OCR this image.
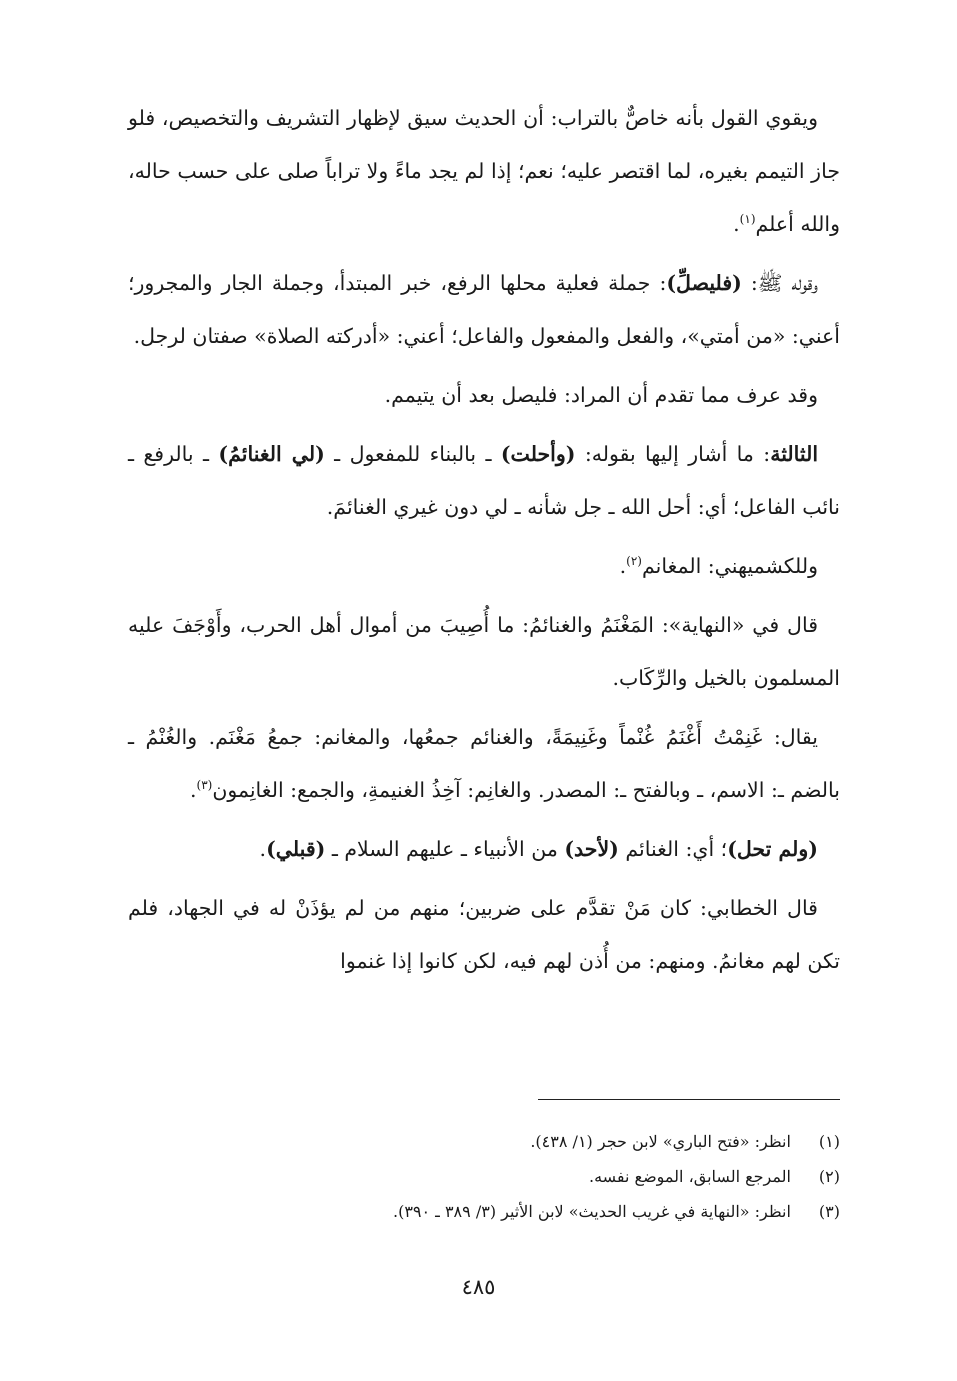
ويقوي القول بأنه خاصٌّ بالتراب: أن الحديث سيق لإظهار التشريف والتخصيص، فلو جاز التيمم بغيره، لما اقتصر عليه؛ نعم؛ إذا لم يجد ماءً ولا تراباً صلى على حسب حاله، والله أعلم$^{(١)}$.

وقوله ﷺ: (فليصلِّ): جملة فعلية محلها الرفع، خبر المبتدأ، وجملة الجار والمجرور؛ أعني: «من أمتي»، والفعل والمفعول والفاعل؛ أعني: «أدركته الصلاة» صفتان لرجل.

وقد عرف مما تقدم أن المراد: فليصل بعد أن يتيمم.

الثالثة: ما أشار إليها بقوله: (وأحلت) ـ بالبناء للمفعول ـ (لي الغنائمُ) ـ بالرفع ـ نائب الفاعل؛ أي: أحل الله ـ جل شأنه ـ لي دون غيري الغنائمَ.

وللكشميهني: المغانم$^{(٢)}$.

قال في «النهاية»: المَغْنَمُ والغنائمُ: ما أُصِيبَ من أموال أهل الحرب، وأَوْجَفَ عليه المسلمون بالخيل والرِّكَاب.

يقال: غَنِمْتُ أَغْنَمُ غُنْماً وغَنِيمَةً، والغنائم جمعُها، والمغانم: جمعُ مَغْنَم. والغُنْمُ ـ بالضم ـ: الاسم، ـ وبالفتح ـ: المصدر. والغانِم: آخِذُ الغنيمةِ، والجمع: الغانِمون$^{(٣)}$.

(ولم تحل)؛ أي: الغنائم (لأحد) من الأنبياء ـ عليهم السلام ـ (قبلي).

قال الخطابي: كان مَنْ تقدَّم على ضربين؛ منهم من لم يؤذَنْ له في الجهاد، فلم تكن لهم مغانمُ. ومنهم: من أُذن لهم فيه، لكن كانوا إذا غنموا

(١) انظر: «فتح الباري» لابن حجر (١/ ٤٣٨).
(٢) المرجع السابق، الموضع نفسه.
(٣) انظر: «النهاية في غريب الحديث» لابن الأثير (٣/ ٣٨٩ ـ ٣٩٠).
٤٨٥
